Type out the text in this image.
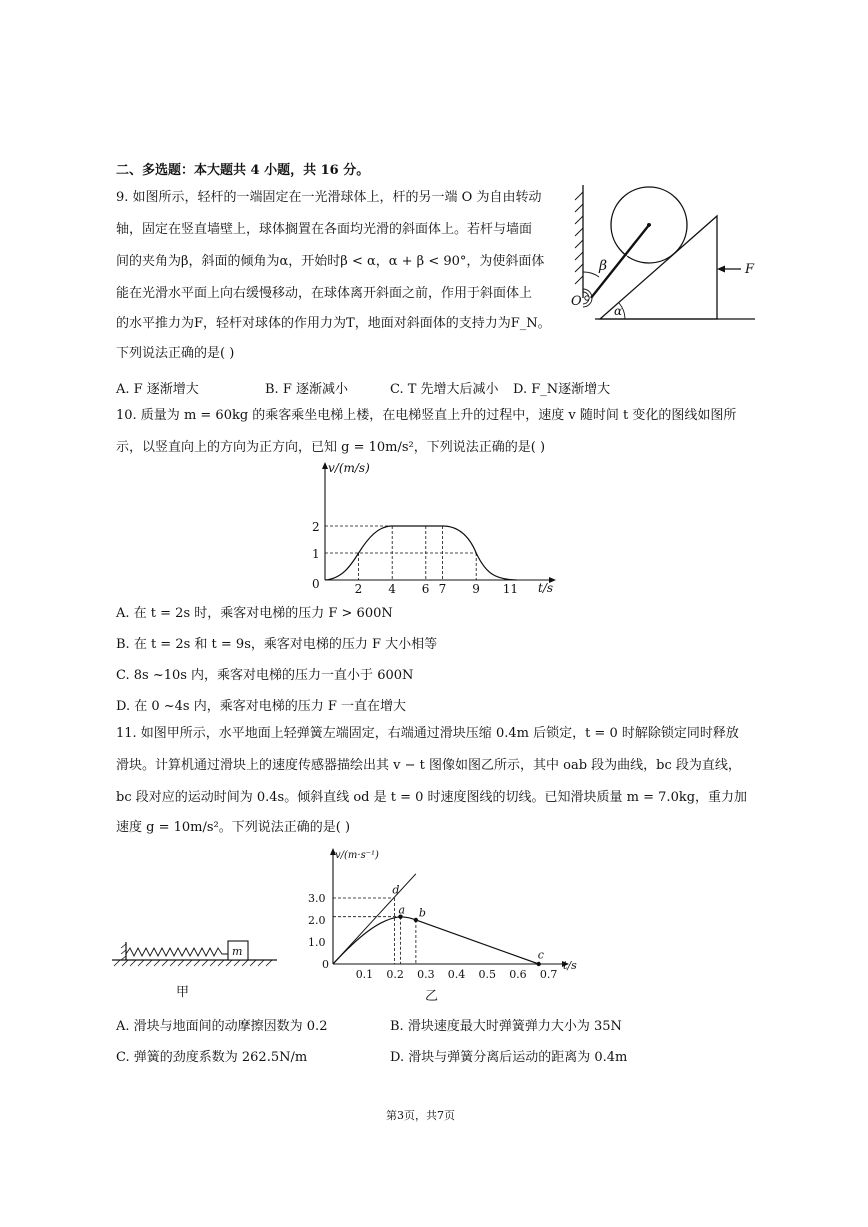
二、多选题：本大题共 4 小题，共 16 分。
9. 如图所示，轻杆的一端固定在一光滑球体上，杆的另一端 O 为自由转动
轴，固定在竖直墙壁上，球体搁置在各面均光滑的斜面体上。若杆与墙面
间的夹角为β，斜面的倾角为α，开始时β < α，α + β < 90°，为使斜面体
能在光滑水平面上向右缓慢移动，在球体离开斜面之前，作用于斜面体上
的水平推力为F，轻杆对球体的作用力为T，地面对斜面体的支持力为F_N。
下列说法正确的是( )
A. F 逐渐增大	B. F 逐渐减小	C. T 先增大后减小 D. F_N逐渐增大
β
α
O
F
10. 质量为 m = 60kg 的乘客乘坐电梯上楼，在电梯竖直上升的过程中，速度 v 随时间 t 变化的图线如图所
示，以竖直向上的方向为正方向，已知 g = 10m/s²，下列说法正确的是( )
v/(m/s)
t/s
2 4 6 7 9 11
0
1
2
A. 在 t = 2s 时，乘客对电梯的压力 F > 600N
B. 在 t = 2s 和 t = 9s，乘客对电梯的压力 F 大小相等
C. 8s ~10s 内，乘客对电梯的压力一直小于 600N
D. 在 0 ~4s 内，乘客对电梯的压力 F 一直在增大
11. 如图甲所示，水平地面上轻弹簧左端固定，右端通过滑块压缩 0.4m 后锁定，t = 0 时解除锁定同时释放
滑块。计算机通过滑块上的速度传感器描绘出其 v − t 图像如图乙所示，其中 oab 段为曲线，bc 段为直线，
bc 段对应的运动时间为 0.4s。倾斜直线 od 是 t = 0 时速度图线的切线。已知滑块质量 m = 7.0kg，重力加
速度 g = 10m/s²。下列说法正确的是( )
m
甲
v/(m·s⁻¹)
t/s
d
a b
c
0.1 0.2 0.3 0.4 0.5 0.6 0.7
0
1.0
2.0
3.0
乙
A. 滑块与地面间的动摩擦因数为 0.2	B. 滑块速度最大时弹簧弹力大小为 35N
C. 弹簧的劲度系数为 262.5N/m	D. 滑块与弹簧分离后运动的距离为 0.4m
第3页，共7页
